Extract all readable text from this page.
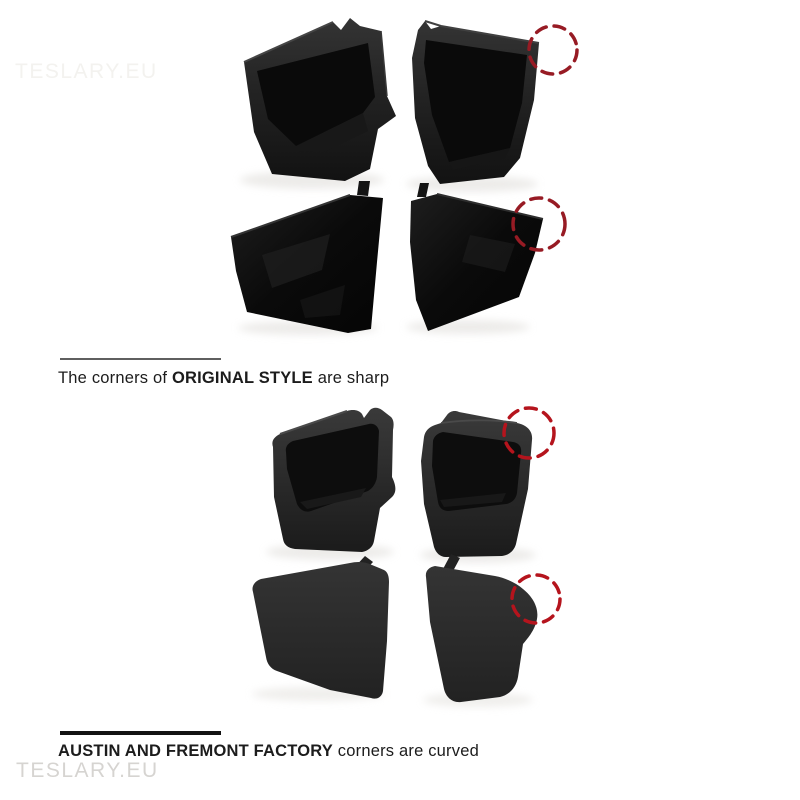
TESLARY.EU

The corners of ORIGINAL STYLE are sharp

AUSTIN AND FREMONT FACTORY corners are curved

TESLARY.EU
